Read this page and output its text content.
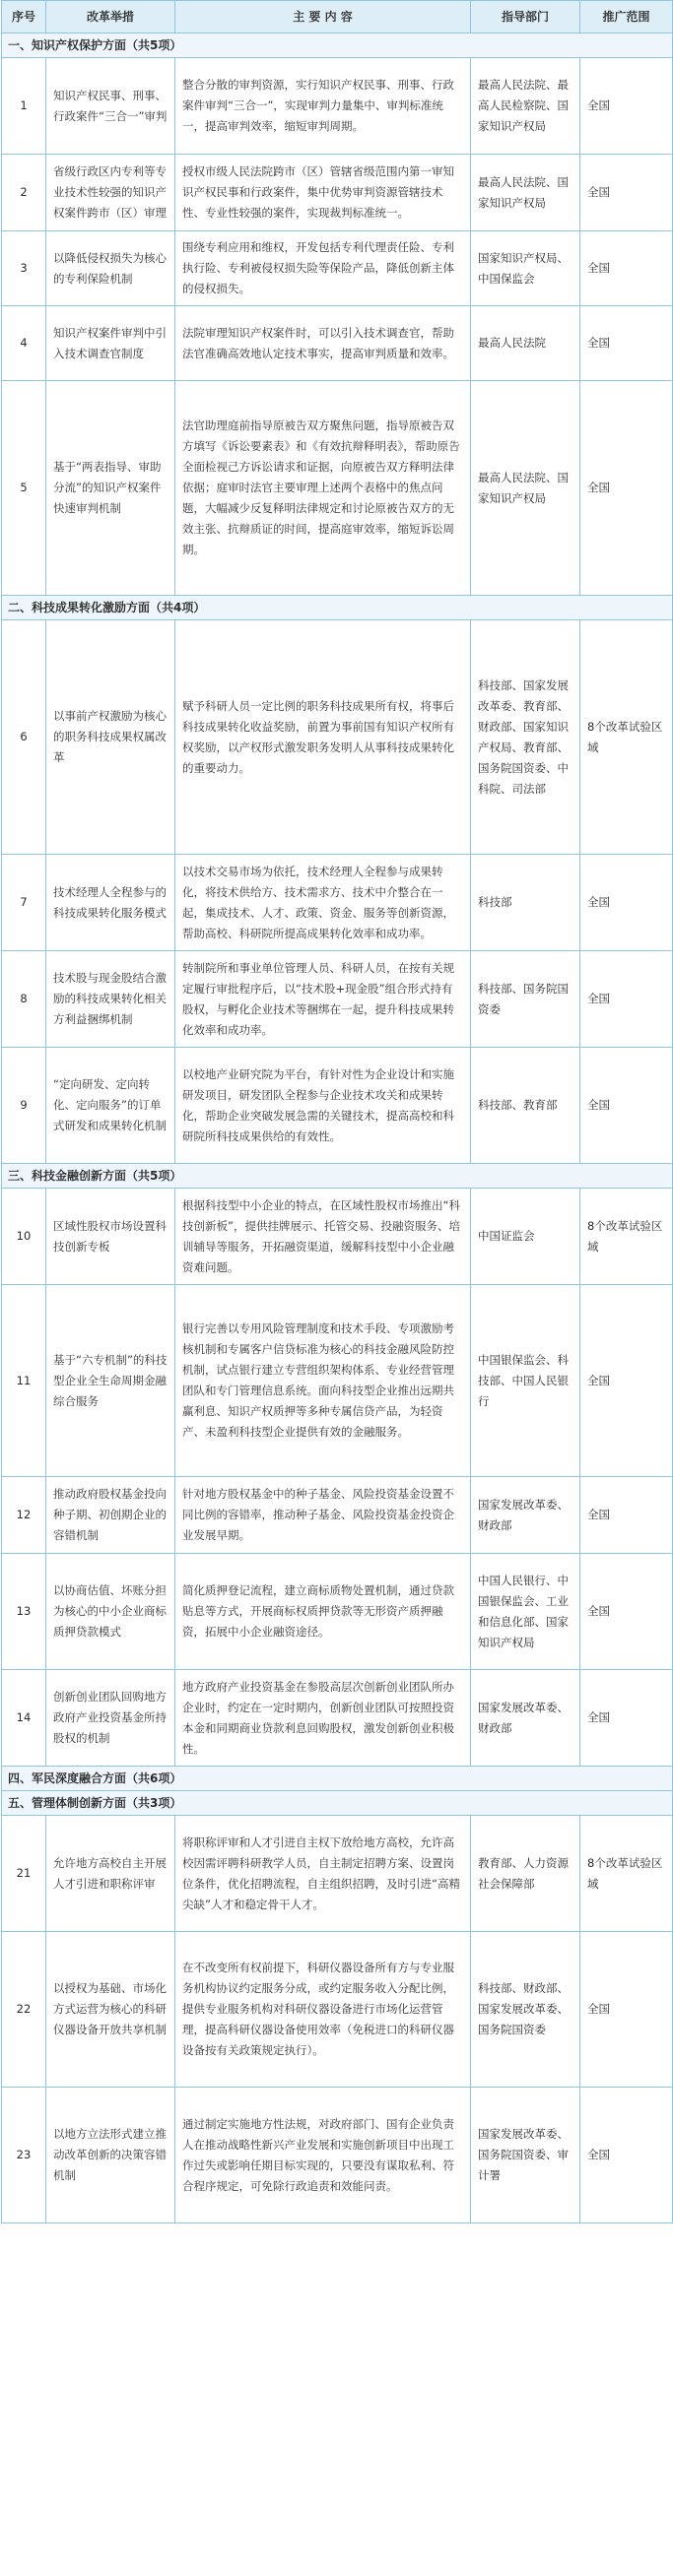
序号	改革举措	主 要 内 容	指导部门	推广范围
一、知识产权保护方面（共5项）				
1	知识产权民事、刑事、行政案件“三合一”审判	整合分散的审判资源，实行知识产权民事、刑事、行政案件审判“三合一”，实现审判力量集中、审判标准统一，提高审判效率，缩短审判周期。	最高人民法院、最高人民检察院、国家知识产权局	全国
2	省级行政区内专利等专业技术性较强的知识产权案件跨市（区）审理	授权市级人民法院跨市（区）管辖省级范围内第一审知识产权民事和行政案件，集中优势审判资源管辖技术性、专业性较强的案件，实现裁判标准统一。	最高人民法院、国家知识产权局	全国
3	以降低侵权损失为核心的专利保险机制	围绕专利应用和维权，开发包括专利代理责任险、专利执行险、专利被侵权损失险等保险产品，降低创新主体的侵权损失。	国家知识产权局、中国保监会	全国
4	知识产权案件审判中引入技术调查官制度	法院审理知识产权案件时，可以引入技术调查官，帮助法官准确高效地认定技术事实，提高审判质量和效率。	最高人民法院	全国
5	基于“两表指导、审助分流”的知识产权案件快速审判机制	法官助理庭前指导原被告双方聚焦问题，指导原被告双方填写《诉讼要素表》和《有效抗辩释明表》，帮助原告全面检视己方诉讼请求和证据，向原被告双方释明法律依据；庭审时法官主要审理上述两个表格中的焦点问题，大幅减少反复释明法律规定和讨论原被告双方的无效主张、抗辩质证的时间，提高庭审效率，缩短诉讼周期。	最高人民法院、国家知识产权局	全国
二、科技成果转化激励方面（共4项）				
6	以事前产权激励为核心的职务科技成果权属改革	赋予科研人员一定比例的职务科技成果所有权，将事后科技成果转化收益奖励，前置为事前国有知识产权所有权奖励，以产权形式激发职务发明人从事科技成果转化的重要动力。	科技部、国家发展改革委、教育部、财政部、国家知识产权局、教育部、国务院国资委、中科院、司法部	8个改革试验区域
7	技术经理人全程参与的科技成果转化服务模式	以技术交易市场为依托，技术经理人全程参与成果转化，将技术供给方、技术需求方、技术中介整合在一起，集成技术、人才、政策、资金、服务等创新资源，帮助高校、科研院所提高成果转化效率和成功率。	科技部	全国
8	技术股与现金股结合激励的科技成果转化相关方利益捆绑机制	转制院所和事业单位管理人员、科研人员，在按有关规定履行审批程序后，以“技术股+现金股”组合形式持有股权，与孵化企业技术等捆绑在一起，提升科技成果转化效率和成功率。	科技部、国务院国资委	全国
9	“定向研发、定向转化、定向服务”的订单式研发和成果转化机制	以校地产业研究院为平台，有针对性为企业设计和实施研发项目，研发团队全程参与企业技术攻关和成果转化，帮助企业突破发展急需的关键技术，提高高校和科研院所科技成果供给的有效性。	科技部、教育部	全国
三、科技金融创新方面（共5项）				
10	区域性股权市场设置科技创新专板	根据科技型中小企业的特点，在区域性股权市场推出“科技创新板”，提供挂牌展示、托管交易、投融资服务、培训辅导等服务，开拓融资渠道，缓解科技型中小企业融资难问题。	中国证监会	8个改革试验区域
11	基于“六专机制”的科技型企业全生命周期金融综合服务	银行完善以专用风险管理制度和技术手段、专项激励考核机制和专属客户信贷标准为核心的科技金融风险防控机制，试点银行建立专营组织架构体系、专业经营管理团队和专门管理信息系统。面向科技型企业推出远期共赢利息、知识产权质押等多种专属信贷产品，为轻资产、未盈利科技型企业提供有效的金融服务。	中国银保监会、科技部、中国人民银行	全国
12	推动政府股权基金投向种子期、初创期企业的容错机制	针对地方股权基金中的种子基金、风险投资基金设置不同比例的容错率，推动种子基金、风险投资基金投资企业发展早期。	国家发展改革委、财政部	全国
13	以协商估值、坏账分担为核心的中小企业商标质押贷款模式	简化质押登记流程，建立商标质物处置机制，通过贷款贴息等方式，开展商标权质押贷款等无形资产质押融资，拓展中小企业融资途径。	中国人民银行、中国银保监会、工业和信息化部、国家知识产权局	全国
14	创新创业团队回购地方政府产业投资基金所持股权的机制	地方政府产业投资基金在参股高层次创新创业团队所办企业时，约定在一定时期内，创新创业团队可按照投资本金和同期商业贷款利息回购股权，激发创新创业积极性。	国家发展改革委、财政部	全国
四、军民深度融合方面（共6项）				
五、管理体制创新方面（共3项）				
21	允许地方高校自主开展人才引进和职称评审	将职称评审和人才引进自主权下放给地方高校，允许高校因需评聘科研教学人员，自主制定招聘方案、设置岗位条件，优化招聘流程，自主组织招聘，及时引进“高精尖缺”人才和稳定骨干人才。	教育部、人力资源社会保障部	8个改革试验区域
22	以授权为基础、市场化方式运营为核心的科研仪器设备开放共享机制	在不改变所有权前提下，科研仪器设备所有方与专业服务机构协议约定服务分成，或约定服务收入分配比例，提供专业服务机构对科研仪器设备进行市场化运营管理，提高科研仪器设备使用效率（免税进口的科研仪器设备按有关政策规定执行）。	科技部、财政部、国家发展改革委、国务院国资委	全国
23	以地方立法形式建立推动改革创新的决策容错机制	通过制定实施地方性法规，对政府部门、国有企业负责人在推动战略性新兴产业发展和实施创新项目中出现工作过失或影响任期目标实现的，只要没有谋取私利、符合程序规定，可免除行政追责和效能问责。	国家发展改革委、国务院国资委、审计署	全国
